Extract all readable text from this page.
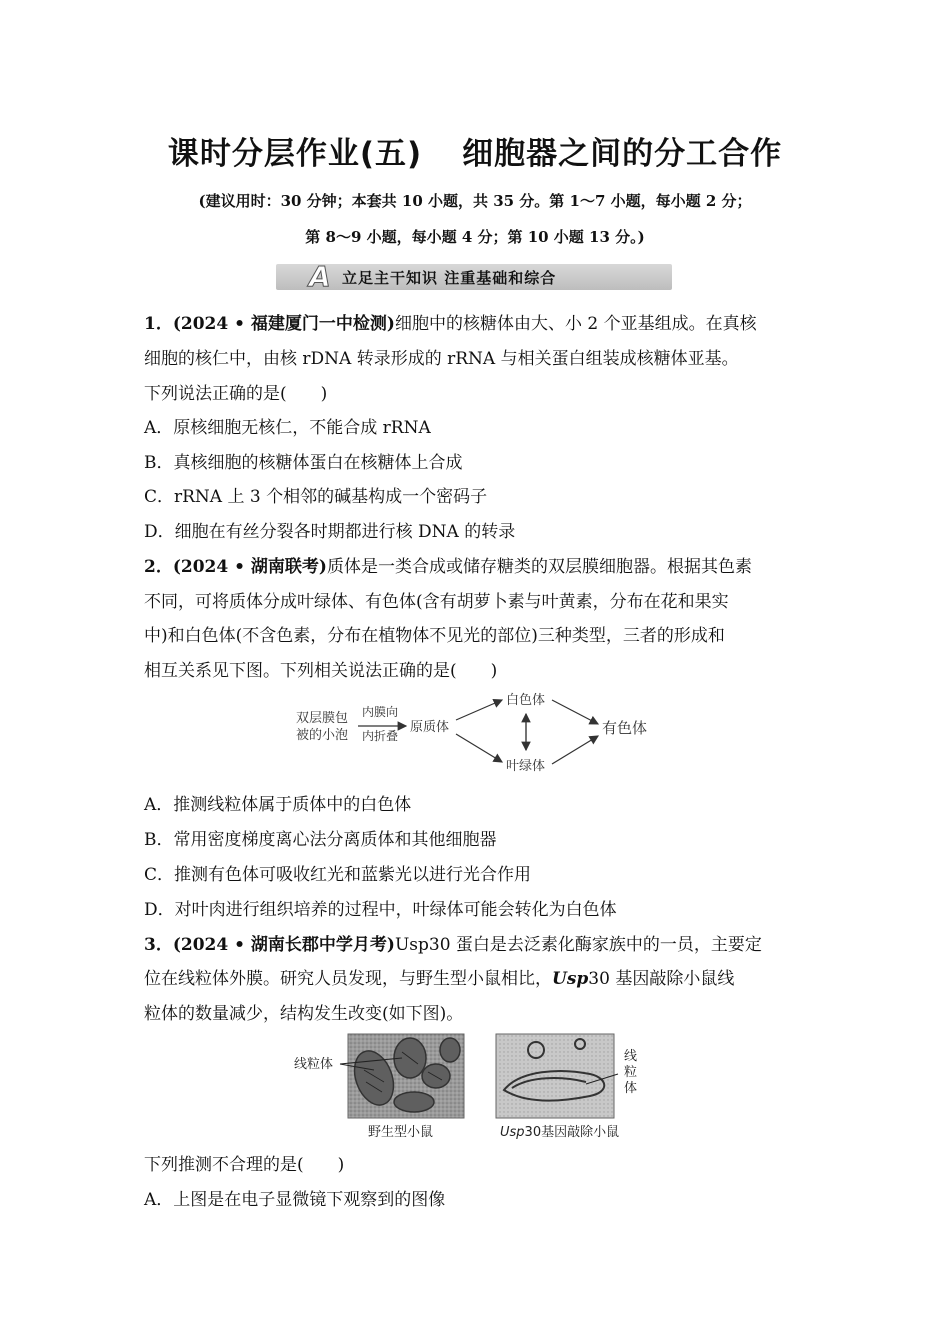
课时分层作业(五) 细胞器之间的分工合作
(建议用时：30 分钟；本套共 10 小题，共 35 分。第 1～7 小题，每小题 2 分；
第 8～9 小题，每小题 4 分；第 10 小题 13 分。)
A 立足主干知识 注重基础和综合
1．(2024 • 福建厦门一中检测)细胞中的核糖体由大、小 2 个亚基组成。在真核
细胞的核仁中，由核 rDNA 转录形成的 rRNA 与相关蛋白组装成核糖体亚基。
下列说法正确的是(　　)
A．原核细胞无核仁，不能合成 rRNA
B．真核细胞的核糖体蛋白在核糖体上合成
C．rRNA 上 3 个相邻的碱基构成一个密码子
D．细胞在有丝分裂各时期都进行核 DNA 的转录
2．(2024 • 湖南联考)质体是一类合成或储存糖类的双层膜细胞器。根据其色素
不同，可将质体分成叶绿体、有色体(含有胡萝卜素与叶黄素，分布在花和果实
中)和白色体(不含色素，分布在植物体不见光的部位)三种类型，三者的形成和
相互关系见下图。下列相关说法正确的是(　　)
双层膜包
被的小泡
内膜向
内折叠
原质体
白色体
有色体
叶绿体
A．推测线粒体属于质体中的白色体
B．常用密度梯度离心法分离质体和其他细胞器
C．推测有色体可吸收红光和蓝紫光以进行光合作用
D．对叶肉进行组织培养的过程中，叶绿体可能会转化为白色体
3．(2024 • 湖南长郡中学月考)Usp30 蛋白是去泛素化酶家族中的一员，主要定
位在线粒体外膜。研究人员发现，与野生型小鼠相比，Usp30 基因敲除小鼠线
粒体的数量减少，结构发生改变(如下图)。
线粒体
野生型小鼠
线
粒
体
Usp30基因敲除小鼠
下列推测不合理的是(　　)
A．上图是在电子显微镜下观察到的图像
